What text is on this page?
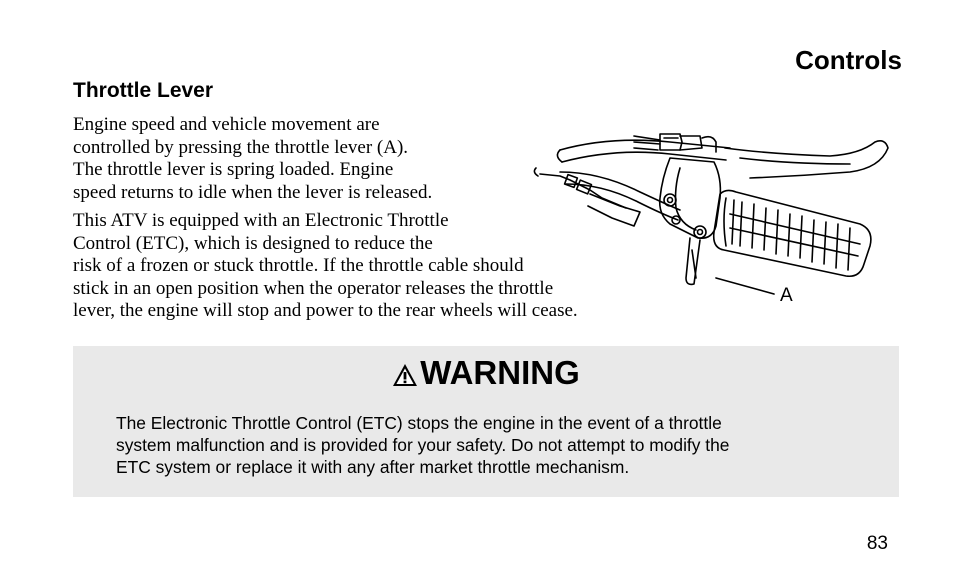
Controls
Throttle Lever

Engine speed and vehicle movement are
controlled by pressing the throttle lever (A).
The throttle lever is spring loaded. Engine
speed returns to idle when the lever is released.

This ATV is equipped with an Electronic Throttle
Control (ETC), which is designed to reduce the
risk of a frozen or stuck throttle. If the throttle cable should
stick in an open position when the operator releases the throttle
lever, the engine will stop and power to the rear wheels will cease.

A
WARNING

The Electronic Throttle Control (ETC) stops the engine in the event of a throttle
system malfunction and is provided for your safety. Do not attempt to modify the
ETC system or replace it with any after market throttle mechanism.

83
